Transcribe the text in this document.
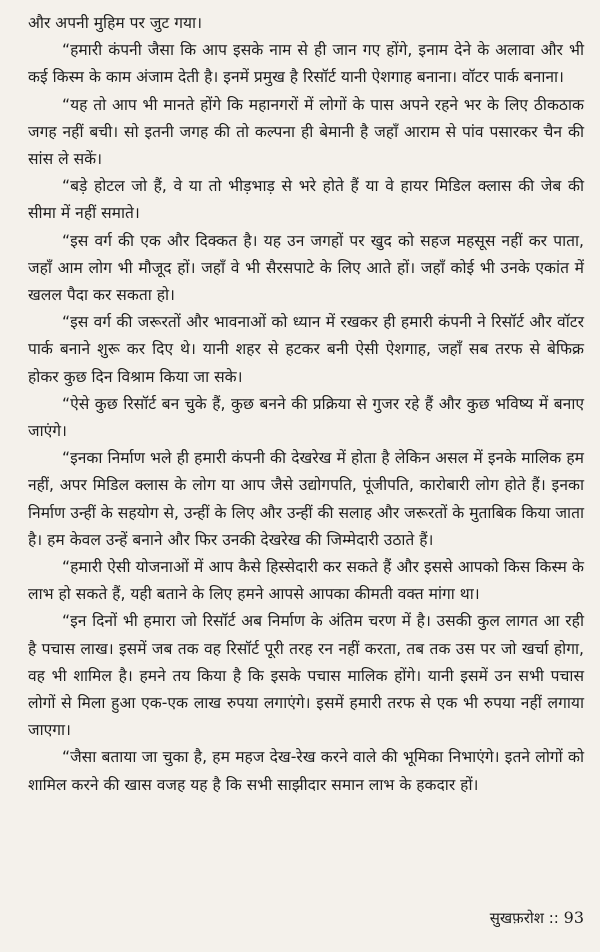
और अपनी मुहिम पर जुट गया।

“हमारी कंपनी जैसा कि आप इसके नाम से ही जान गए होंगे, इनाम देने के अलावा और भी कई किस्म के काम अंजाम देती है। इनमें प्रमुख है रिसॉर्ट यानी ऐशगाह बनाना। वॉटर पार्क बनाना।

“यह तो आप भी मानते होंगे कि महानगरों में लोगों के पास अपने रहने भर के लिए ठीकठाक जगह नहीं बची। सो इतनी जगह की तो कल्पना ही बेमानी है जहाँ आराम से पांव पसारकर चैन की सांस ले सकें।

“बड़े होटल जो हैं, वे या तो भीड़भाड़ से भरे होते हैं या वे हायर मिडिल क्लास की जेब की सीमा में नहीं समाते।

“इस वर्ग की एक और दिक्कत है। यह उन जगहों पर खुद को सहज महसूस नहीं कर पाता, जहाँ आम लोग भी मौजूद हों। जहाँ वे भी सैरसपाटे के लिए आते हों। जहाँ कोई भी उनके एकांत में खलल पैदा कर सकता हो।

“इस वर्ग की जरूरतों और भावनाओं को ध्यान में रखकर ही हमारी कंपनी ने रिसॉर्ट और वॉटर पार्क बनाने शुरू कर दिए थे। यानी शहर से हटकर बनी ऐसी ऐशगाह, जहाँ सब तरफ से बेफिक्र होकर कुछ दिन विश्राम किया जा सके।

“ऐसे कुछ रिसॉर्ट बन चुके हैं, कुछ बनने की प्रक्रिया से गुजर रहे हैं और कुछ भविष्य में बनाए जाएंगे।

“इनका निर्माण भले ही हमारी कंपनी की देखरेख में होता है लेकिन असल में इनके मालिक हम नहीं, अपर मिडिल क्लास के लोग या आप जैसे उद्योगपति, पूंजीपति, कारोबारी लोग होते हैं। इनका निर्माण उन्हीं के सहयोग से, उन्हीं के लिए और उन्हीं की सलाह और जरूरतों के मुताबिक किया जाता है। हम केवल उन्हें बनाने और फिर उनकी देखरेख की जिम्मेदारी उठाते हैं।

“हमारी ऐसी योजनाओं में आप कैसे हिस्सेदारी कर सकते हैं और इससे आपको किस किस्म के लाभ हो सकते हैं, यही बताने के लिए हमने आपसे आपका कीमती वक्त मांगा था।

“इन दिनों भी हमारा जो रिसॉर्ट अब निर्माण के अंतिम चरण में है। उसकी कुल लागत आ रही है पचास लाख। इसमें जब तक वह रिसॉर्ट पूरी तरह रन नहीं करता, तब तक उस पर जो खर्चा होगा, वह भी शामिल है। हमने तय किया है कि इसके पचास मालिक होंगे। यानी इसमें उन सभी पचास लोगों से मिला हुआ एक-एक लाख रुपया लगाएंगे। इसमें हमारी तरफ से एक भी रुपया नहीं लगाया जाएगा।

“जैसा बताया जा चुका है, हम महज देख-रेख करने वाले की भूमिका निभाएंगे। इतने लोगों को शामिल करने की खास वजह यह है कि सभी साझीदार समान लाभ के हकदार हों।

सुखफ़रोश :: 93
